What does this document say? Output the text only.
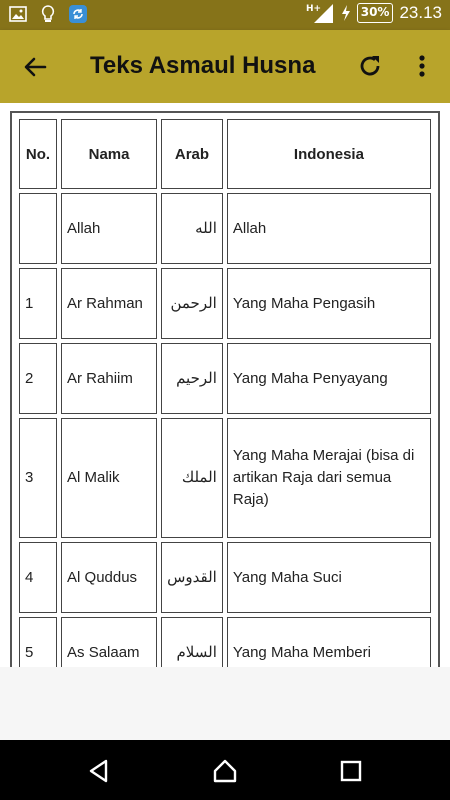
H+	30% 23.13
Teks Asmaul Husna
No.	Nama	Arab	Indonesia
	Allah	الله	Allah
1	Ar Rahman	الرحمن	Yang Maha Pengasih
2	Ar Rahiim	الرحيم	Yang Maha Penyayang
3	Al Malik	الملك	Yang Maha Merajai (bisa di artikan Raja dari semua Raja)
4	Al Quddus	القدوس	Yang Maha Suci
5	As Salaam	السلام	Yang Maha Memberi
